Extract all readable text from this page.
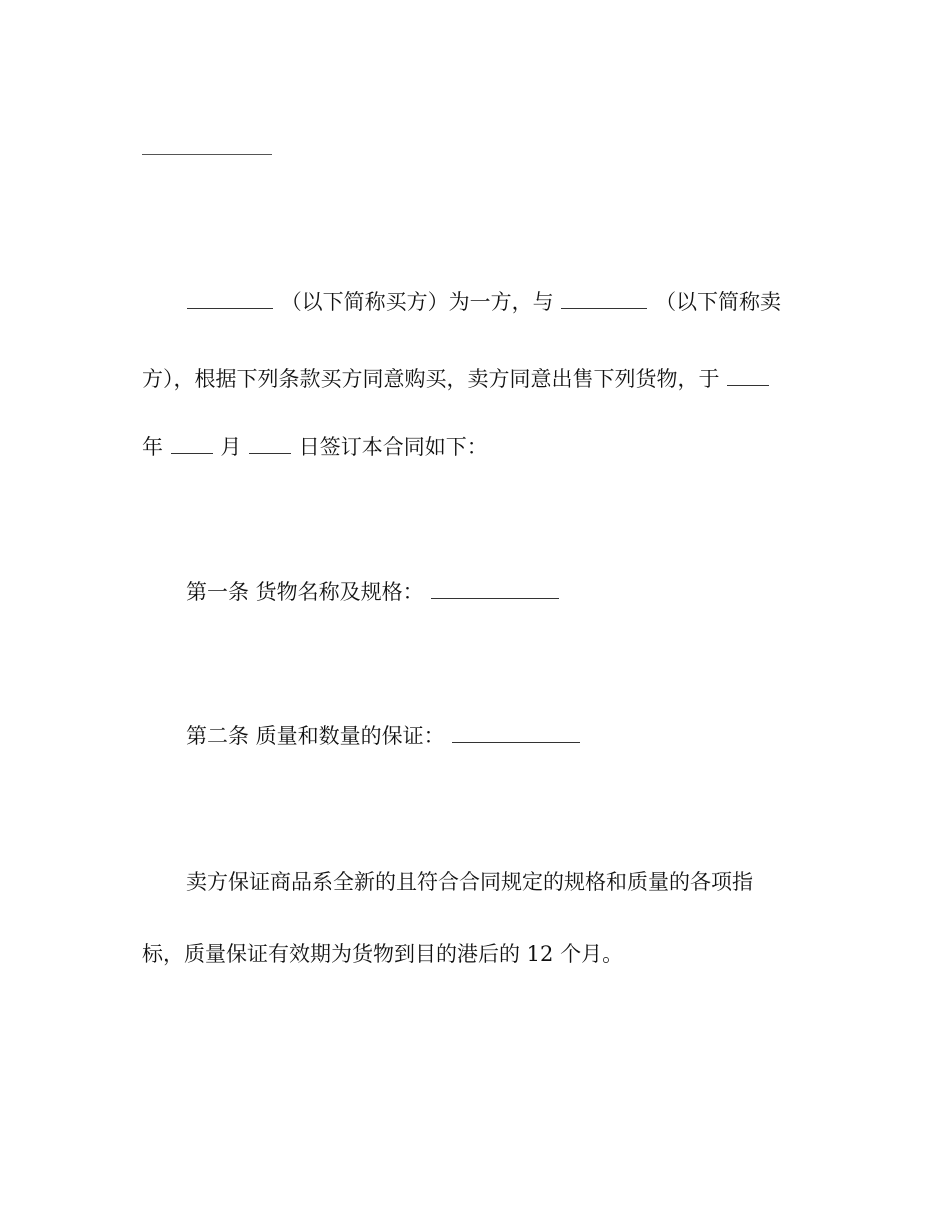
（以下简称买方）为一方，与	（以下简称卖
方），根据下列条款买方同意购买，卖方同意出售下列货物，于
年	月	日签订本合同如下：
第一条 货物名称及规格：
第二条 质量和数量的保证：
卖方保证商品系全新的且符合合同规定的规格和质量的各项指
标，质量保证有效期为货物到目的港后的 12 个月。
